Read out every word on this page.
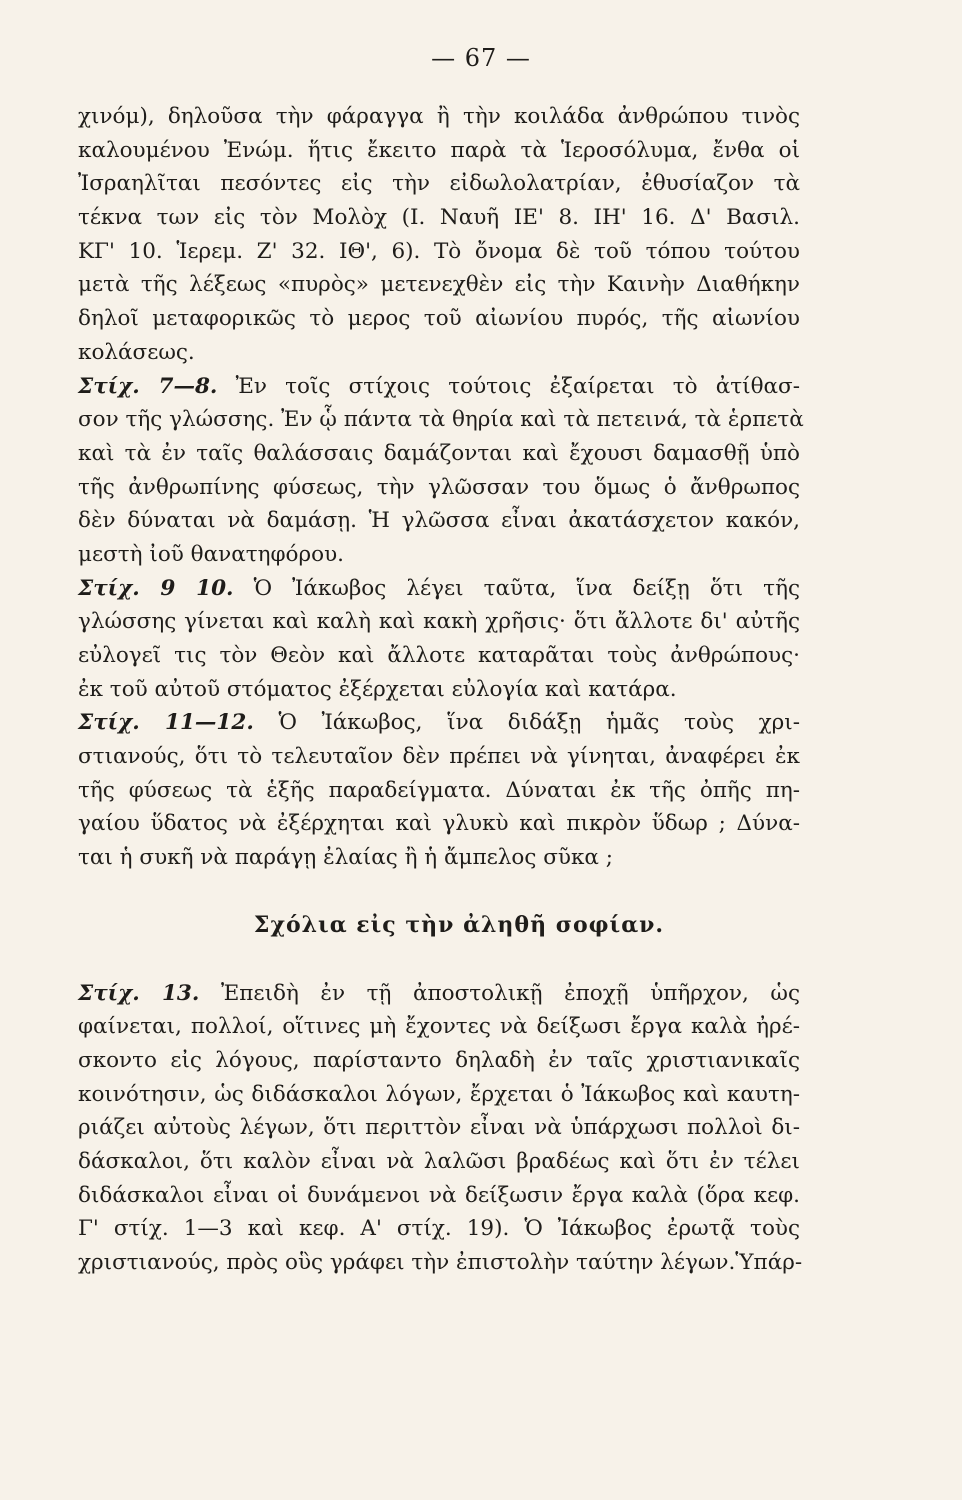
— 67 —
χινόμ), δηλοῦσα τὴν φάραγγα ἢ τὴν κοιλάδα ἀνθρώπου τινὸς
καλουμένου Ἐνώμ. ἥτις ἔκειτο παρὰ τὰ Ἱεροσόλυμα, ἔνθα οἱ
Ἰσραηλῖται πεσόντες εἰς τὴν εἰδωλολατρίαν, ἐθυσίαζον τὰ
τέκνα των εἰς τὸν Μολὸχ (Ι. Ναυῆ ΙΕ' 8. ΙΗ' 16. Δ' Βασιλ.
ΚΓ' 10. Ἱερεμ. Ζ' 32. ΙΘ', 6). Τὸ ὄνομα δὲ τοῦ τόπου τούτου
μετὰ τῆς λέξεως «πυρὸς» μετενεχθὲν εἰς τὴν Καινὴν Διαθήκην
δηλοῖ μεταφορικῶς τὸ μερος τοῦ αἰωνίου πυρός, τῆς αἰωνίου
κολάσεως.
Στίχ. 7—8. Ἐν τοῖς στίχοις τούτοις ἐξαίρεται τὸ ἀτίθασ-
σον τῆς γλώσσης. Ἐν ᾧ πάντα τὰ θηρία καὶ τὰ πετεινά, τὰ ἑρπετὰ
καὶ τὰ ἐν ταῖς θαλάσσαις δαμάζονται καὶ ἔχουσι δαμασθῇ ὑπὸ
τῆς ἀνθρωπίνης φύσεως, τὴν γλῶσσαν του ὅμως ὁ ἄνθρωπος
δὲν δύναται νὰ δαμάσῃ. Ἡ γλῶσσα εἶναι ἀκατάσχετον κακόν,
μεστὴ ἰοῦ θανατηφόρου.
Στίχ. 9 10. Ὁ Ἰάκωβος λέγει ταῦτα, ἵνα δείξῃ ὅτι τῆς
γλώσσης γίνεται καὶ καλὴ καὶ κακὴ χρῆσις· ὅτι ἄλλοτε δι' αὐτῆς
εὐλογεῖ τις τὸν Θεὸν καὶ ἄλλοτε καταρᾶται τοὺς ἀνθρώπους·
ἐκ τοῦ αὐτοῦ στόματος ἐξέρχεται εὐλογία καὶ κατάρα.
Στίχ. 11—12. Ὁ Ἰάκωβος, ἵνα διδάξῃ ἡμᾶς τοὺς χρι-
στιανούς, ὅτι τὸ τελευταῖον δὲν πρέπει νὰ γίνηται, ἀναφέρει ἐκ
τῆς φύσεως τὰ ἑξῆς παραδείγματα. Δύναται ἐκ τῆς ὀπῆς πη-
γαίου ὕδατος νὰ ἐξέρχηται καὶ γλυκὺ καὶ πικρὸν ὕδωρ ; Δύνα-
ται ἡ συκῆ νὰ παράγῃ ἐλαίας ἢ ἡ ἄμπελος σῦκα ;
Σχόλια εἰς τὴν ἀληθῆ σοφίαν.
Στίχ. 13. Ἐπειδὴ ἐν τῇ ἀποστολικῇ ἐποχῇ ὑπῆρχον, ὡς
φαίνεται, πολλοί, οἵτινες μὴ ἔχοντες νὰ δείξωσι ἔργα καλὰ ἠρέ-
σκοντο εἰς λόγους, παρίσταντο δηλαδὴ ἐν ταῖς χριστιανικαῖς
κοινότησιν, ὡς διδάσκαλοι λόγων, ἔρχεται ὁ Ἰάκωβος καὶ καυτη-
ριάζει αὐτοὺς λέγων, ὅτι περιττὸν εἶναι νὰ ὑπάρχωσι πολλοὶ δι-
δάσκαλοι, ὅτι καλὸν εἶναι νὰ λαλῶσι βραδέως καὶ ὅτι ἐν τέλει
διδάσκαλοι εἶναι οἱ δυνάμενοι νὰ δείξωσιν ἔργα καλὰ (ὅρα κεφ.
Γ' στίχ. 1—3 καὶ κεφ. Α' στίχ. 19). Ὁ Ἰάκωβος ἐρωτᾷ τοὺς
χριστιανούς, πρὸς οὓς γράφει τὴν ἐπιστολὴν ταύτην λέγων.Ὑπάρ-
